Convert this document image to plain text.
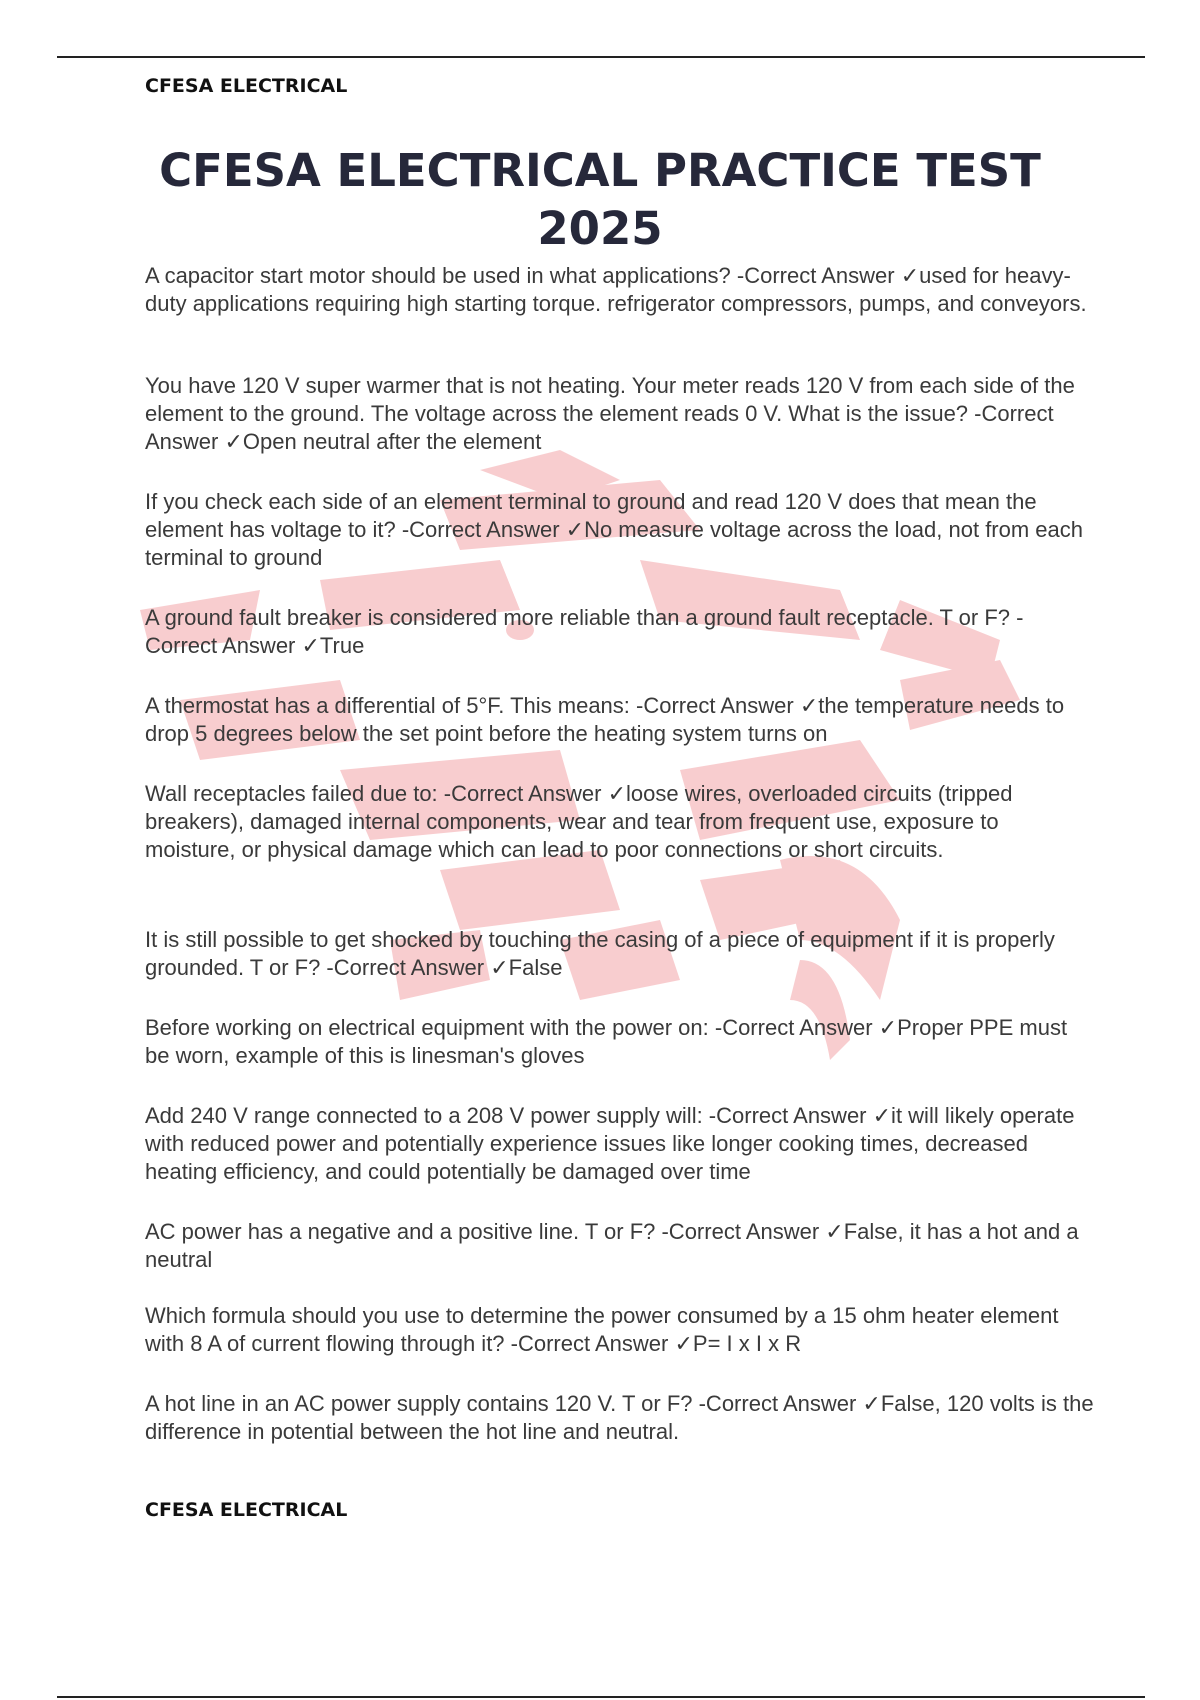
CFESA ELECTRICAL
CFESA ELECTRICAL PRACTICE TEST 2025
A capacitor start motor should be used in what applications? -Correct Answer ✓used for heavy-duty applications requiring high starting torque. refrigerator compressors, pumps, and conveyors.
You have 120 V super warmer that is not heating. Your meter reads 120 V from each side of the element to the ground. The voltage across the element reads 0 V. What is the issue? -Correct Answer ✓Open neutral after the element
If you check each side of an element terminal to ground and read 120 V does that mean the element has voltage to it? -Correct Answer ✓No measure voltage across the load, not from each terminal to ground
A ground fault breaker is considered more reliable than a ground fault receptacle. T or F? -Correct Answer ✓True
A thermostat has a differential of 5°F. This means: -Correct Answer ✓the temperature needs to drop 5 degrees below the set point before the heating system turns on
Wall receptacles failed due to: -Correct Answer ✓loose wires, overloaded circuits (tripped breakers), damaged internal components, wear and tear from frequent use, exposure to moisture, or physical damage which can lead to poor connections or short circuits.
It is still possible to get shocked by touching the casing of a piece of equipment if it is properly grounded. T or F? -Correct Answer ✓False
Before working on electrical equipment with the power on: -Correct Answer ✓Proper PPE must be worn, example of this is linesman's gloves
Add 240 V range connected to a 208 V power supply will: -Correct Answer ✓it will likely operate with reduced power and potentially experience issues like longer cooking times, decreased heating efficiency, and could potentially be damaged over time
AC power has a negative and a positive line. T or F? -Correct Answer ✓False, it has a hot and a neutral
Which formula should you use to determine the power consumed by a 15 ohm heater element with 8 A of current flowing through it? -Correct Answer ✓P= I x I x R
A hot line in an AC power supply contains 120 V. T or F? -Correct Answer ✓False, 120 volts is the difference in potential between the hot line and neutral.
CFESA ELECTRICAL
